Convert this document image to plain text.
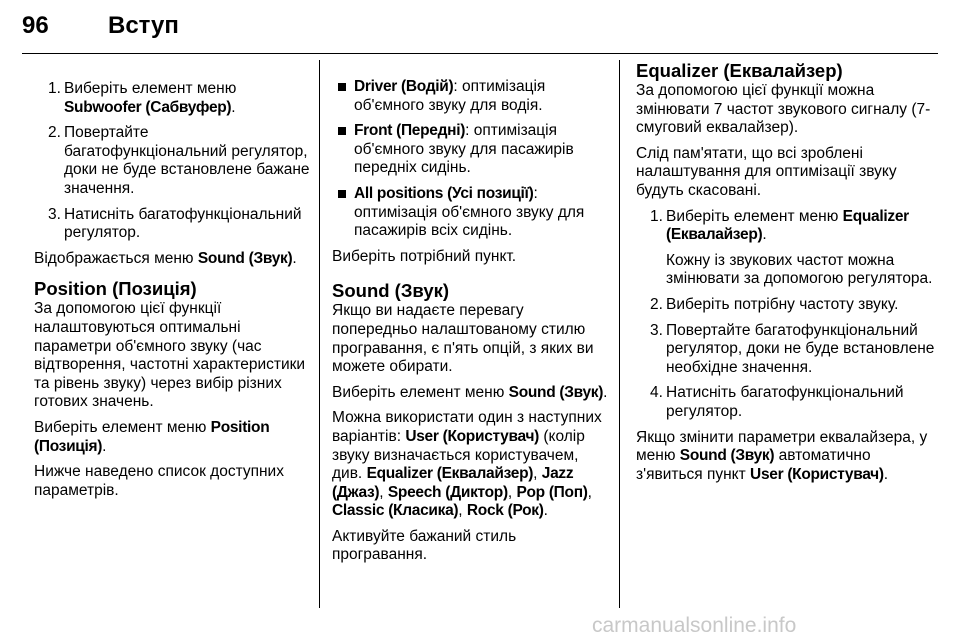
96 Вступ
1. Виберіть елемент меню Subwoofer (Сабвуфер).
2. Повертайте багатофункціональний регулятор, доки не буде встановлене бажане значення.
3. Натисніть багатофункціональний регулятор.

Відображається меню Sound (Звук).

Position (Позиція)

За допомогою цієї функції налаштовуються оптимальні параметри об'ємного звуку (час відтворення, частотні характеристики та рівень звуку) через вибір різних готових значень.

Виберіть елемент меню Position (Позиція).

Нижче наведено список доступних параметрів.

Driver (Водій): оптимізація об'ємного звуку для водія.
Front (Передні): оптимізація об'ємного звуку для пасажирів передніх сидінь.
All positions (Усі позиції): оптимізація об'ємного звуку для пасажирів всіх сидінь.

Виберіть потрібний пункт.

Sound (Звук)

Якщо ви надаєте перевагу попередньо налаштованому стилю програвання, є п'ять опцій, з яких ви можете обирати.

Виберіть елемент меню Sound (Звук).

Можна використати один з наступних варіантів: User (Користувач) (колір звуку визначається користувачем, див. Equalizer (Еквалайзер), Jazz (Джаз), Speech (Диктор), Pop (Поп), Classic (Класика), Rock (Рок).

Активуйте бажаний стиль програвання.

Equalizer (Еквалайзер)

За допомогою цієї функції можна змінювати 7 частот звукового сигналу (7-смуговий еквалайзер).

Слід пам'ятати, що всі зроблені налаштування для оптимізації звуку будуть скасовані.

1. Виберіть елемент меню Equalizer (Еквалайзер).
Кожну із звукових частот можна змінювати за допомогою регулятора.
2. Виберіть потрібну частоту звуку.
3. Повертайте багатофункціональний регулятор, доки не буде встановлене необхідне значення.
4. Натисніть багатофункціональний регулятор.

Якщо змінити параметри еквалайзера, у меню Sound (Звук) автоматично з'явиться пункт User (Користувач).

carmanualsonline.info
